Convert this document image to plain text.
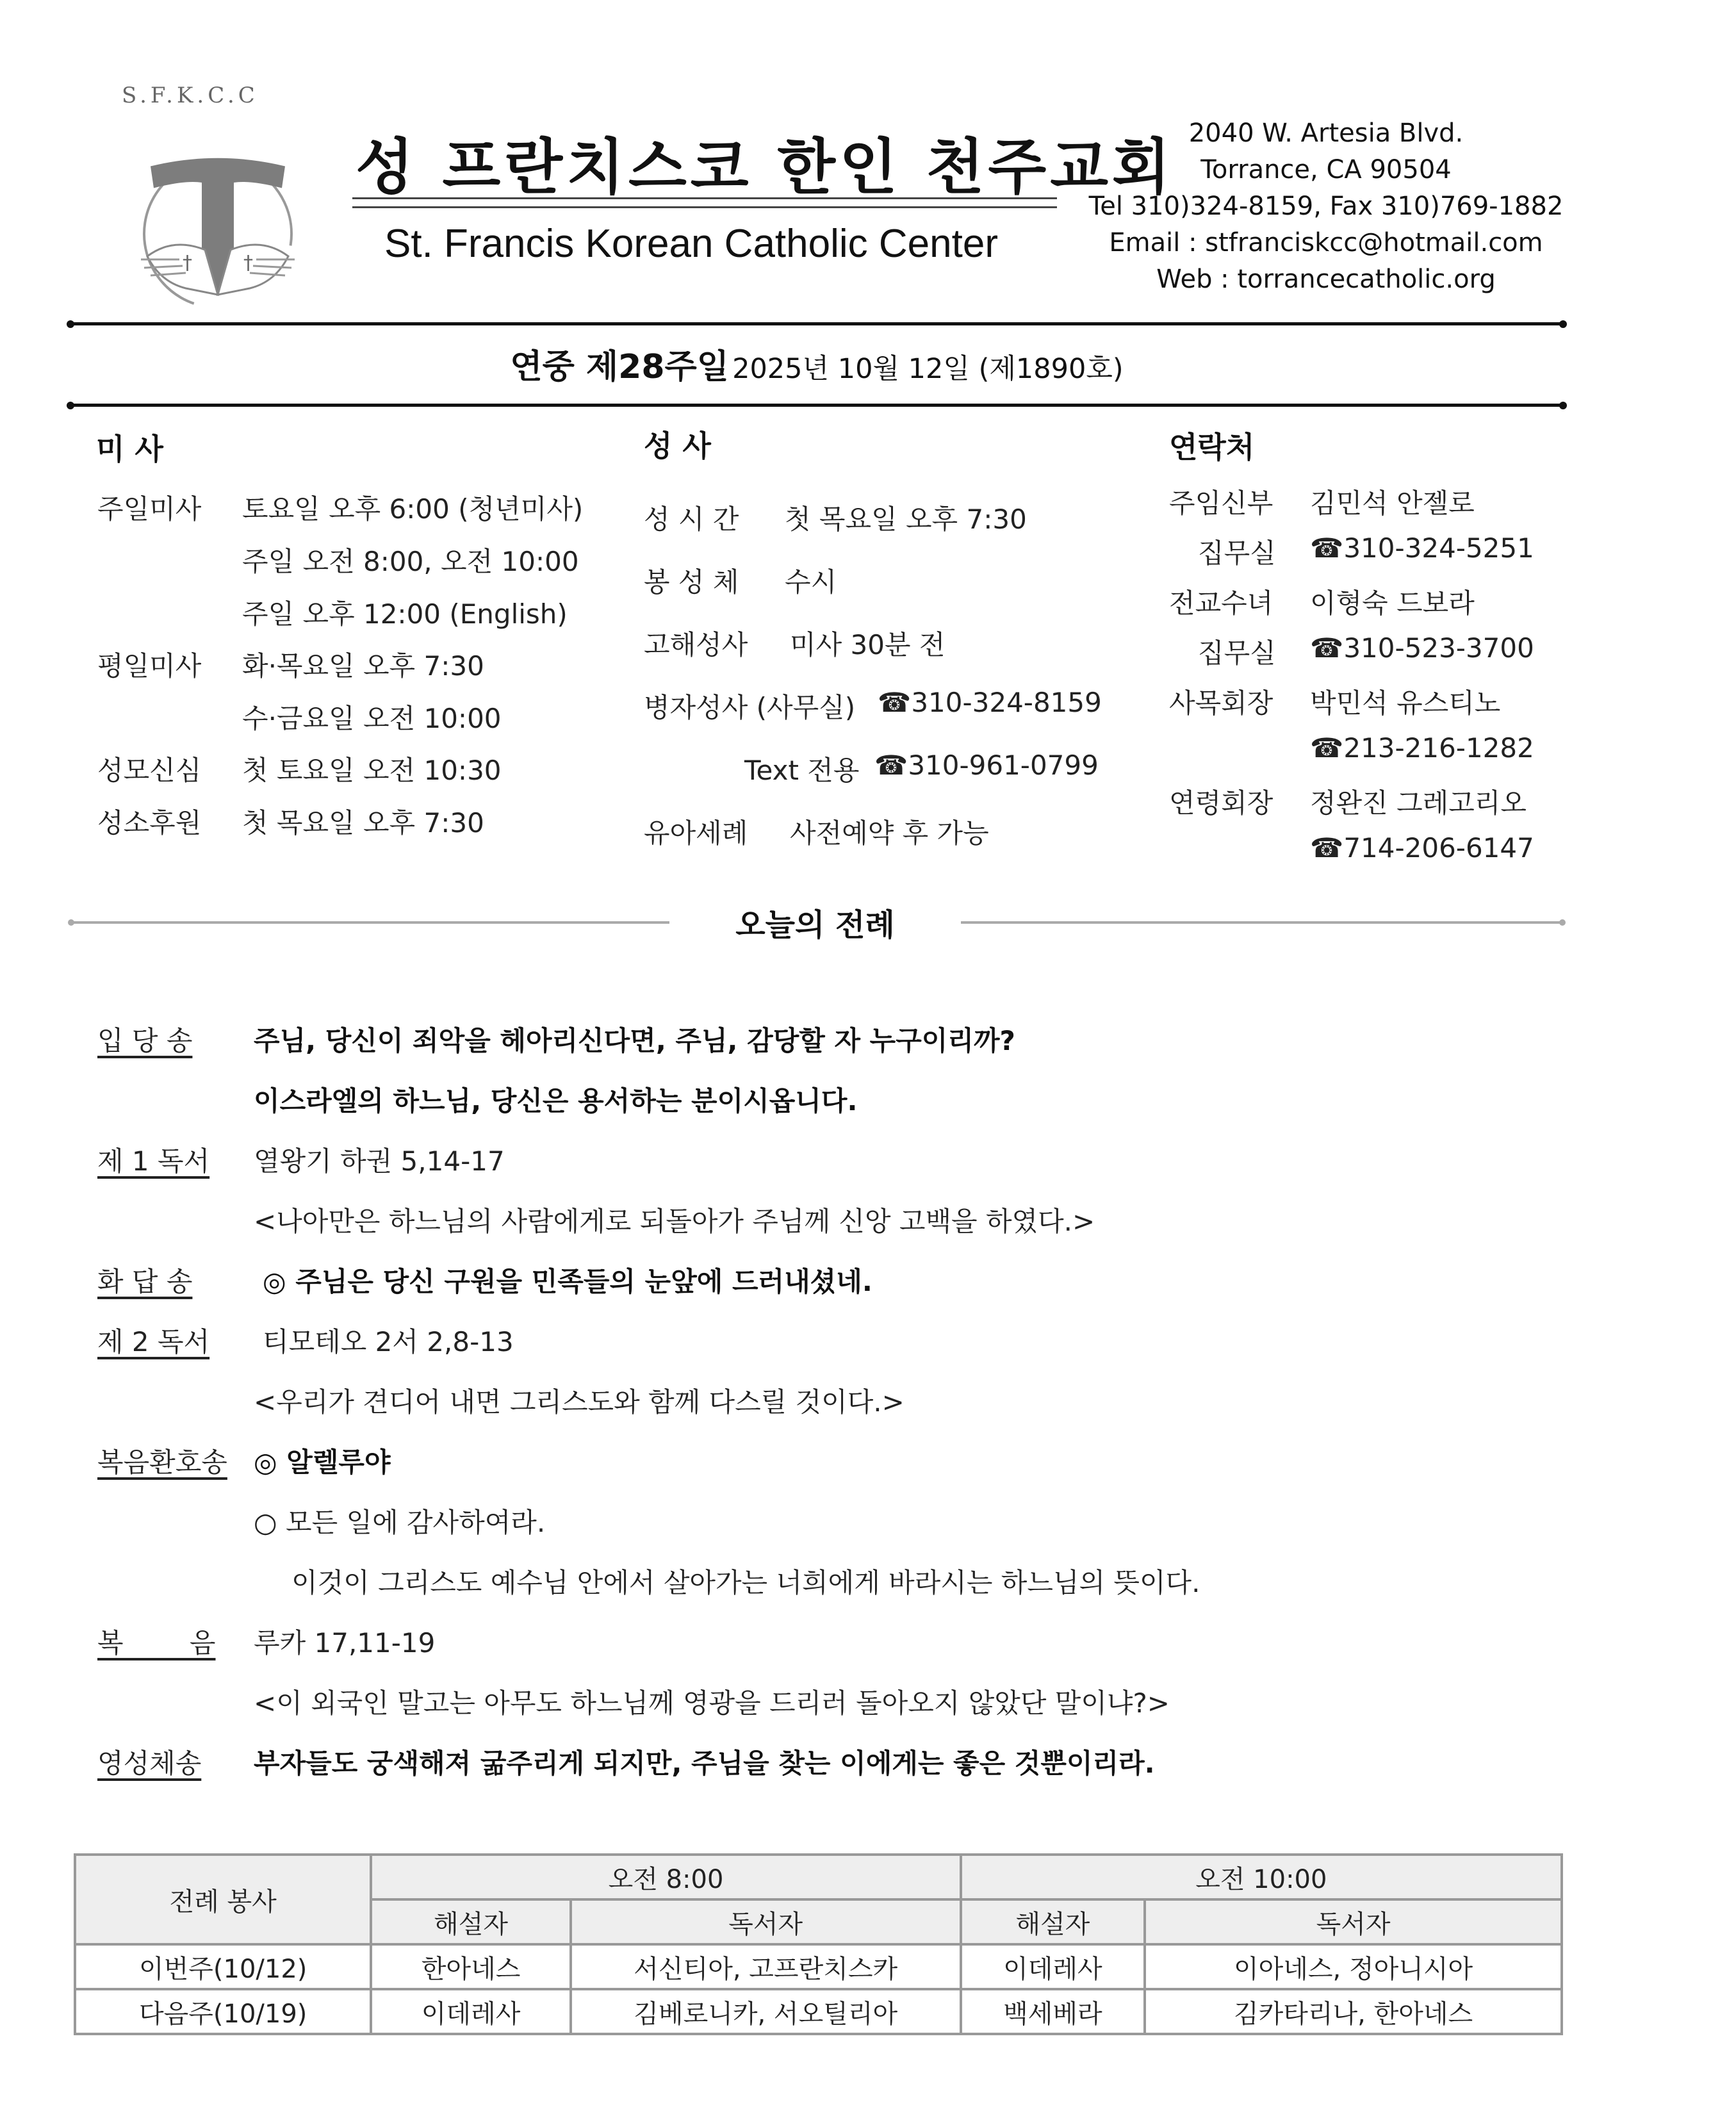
S.F.K.C.C
†	†
성 프란치스코 한인 천주교회
St. Francis Korean Catholic Center
2040 W. Artesia Blvd.
Torrance, CA 90504
Tel 310)324-8159, Fax 310)769-1882
Email : stfranciskcc@hotmail.com
Web : torrancecatholic.org
연중 제28주일 2025년 10월 12일 (제1890호)
미 사
주일미사 토요일 오후 6:00 (청년미사)
주일 오전 8:00, 오전 10:00
주일 오후 12:00 (English)
평일미사 화·목요일 오후 7:30
수·금요일 오전 10:00
성모신심 첫 토요일 오전 10:30
성소후원 첫 목요일 오후 7:30
성 사
성 시 간 첫 목요일 오후 7:30
봉 성 체 수시
고해성사 미사 30분 전
병자성사 (사무실) ☎310-324-8159
Text 전용 ☎310-961-0799
유아세례 사전예약 후 가능
연락처
주임신부 김민석 안젤로
집무실 ☎310-324-5251
전교수녀 이형숙 드보라
집무실 ☎310-523-3700
사목회장 박민석 유스티노
☎213-216-1282
연령회장 정완진 그레고리오
☎714-206-6147
오늘의 전례
입 당 송 주님, 당신이 죄악을 헤아리신다면, 주님, 감당할 자 누구이리까?
이스라엘의 하느님, 당신은 용서하는 분이시옵니다.
제 1 독서 열왕기 하권 5,14-17
<나아만은 하느님의 사람에게로 되돌아가 주님께 신앙 고백을 하였다.>
화 답 송	◎ 주님은 당신 구원을 민족들의 눈앞에 드러내셨네.
제 2 독서 티모테오 2서 2,8-13
<우리가 견디어 내면 그리스도와 함께 다스릴 것이다.>
복음환호송 ◎ 알렐루야
○ 모든 일에 감사하여라.
이것이 그리스도 예수님 안에서 살아가는 너희에게 바라시는 하느님의 뜻이다.
복 음 루카 17,11-19
<이 외국인 말고는 아무도 하느님께 영광을 드리러 돌아오지 않았단 말이냐?>
영성체송 부자들도 궁색해져 굶주리게 되지만, 주님을 찾는 이에게는 좋은 것뿐이리라.
전례 봉사	오전 8:00		오전 10:00	
	해설자	독서자	해설자	독서자
이번주(10/12)	한아네스	서신티아, 고프란치스카	이데레사	이아네스, 정아니시아
다음주(10/19)	이데레사	김베로니카, 서오틸리아	백세베라	김카타리나, 한아네스
